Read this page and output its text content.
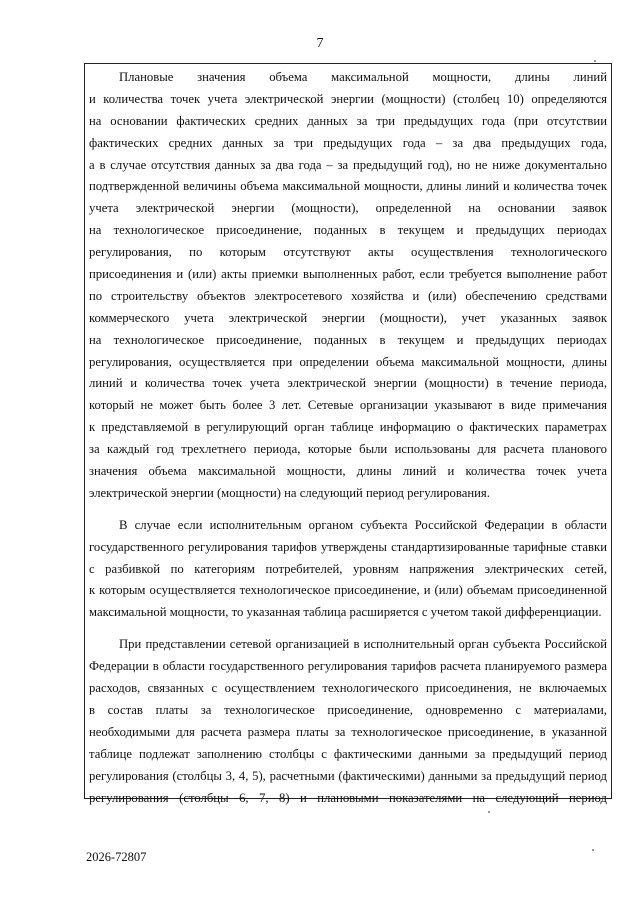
7
Плановые значения объема максимальной мощности, длины линий
и количества точек учета электрической энергии (мощности) (столбец 10) определяются
на основании фактических средних данных за три предыдущих года (при отсутствии
фактических средних данных за три предыдущих года – за два предыдущих года,
а в случае отсутствия данных за два года – за предыдущий год), но не ниже документально
подтвержденной величины объема максимальной мощности, длины линий и количества точек
учета электрической энергии (мощности), определенной на основании заявок
на технологическое присоединение, поданных в текущем и предыдущих периодах
регулирования, по которым отсутствуют акты осуществления технологического
присоединения и (или) акты приемки выполненных работ, если требуется выполнение работ
по строительству объектов электросетевого хозяйства и (или) обеспечению средствами
коммерческого учета электрической энергии (мощности), учет указанных заявок
на технологическое присоединение, поданных в текущем и предыдущих периодах
регулирования, осуществляется при определении объема максимальной мощности, длины
линий и количества точек учета электрической энергии (мощности) в течение периода,
который не может быть более 3 лет. Сетевые организации указывают в виде примечания
к представляемой в регулирующий орган таблице информацию о фактических параметрах
за каждый год трехлетнего периода, которые были использованы для расчета планового
значения объема максимальной мощности, длины линий и количества точек учета
электрической энергии (мощности) на следующий период регулирования.
В случае если исполнительным органом субъекта Российской Федерации в области
государственного регулирования тарифов утверждены стандартизированные тарифные ставки
с разбивкой по категориям потребителей, уровням напряжения электрических сетей,
к которым осуществляется технологическое присоединение, и (или) объемам присоединенной
максимальной мощности, то указанная таблица расширяется с учетом такой дифференциации.
При представлении сетевой организацией в исполнительный орган субъекта Российской
Федерации в области государственного регулирования тарифов расчета планируемого размера
расходов, связанных с осуществлением технологического присоединения, не включаемых
в состав платы за технологическое присоединение, одновременно с материалами,
необходимыми для расчета размера платы за технологическое присоединение, в указанной
таблице подлежат заполнению столбцы с фактическими данными за предыдущий период
регулирования (столбцы 3, 4, 5), расчетными (фактическими) данными за предыдущий период
регулирования (столбцы 6, 7, 8) и плановыми показателями на следующий период
2026-72807
